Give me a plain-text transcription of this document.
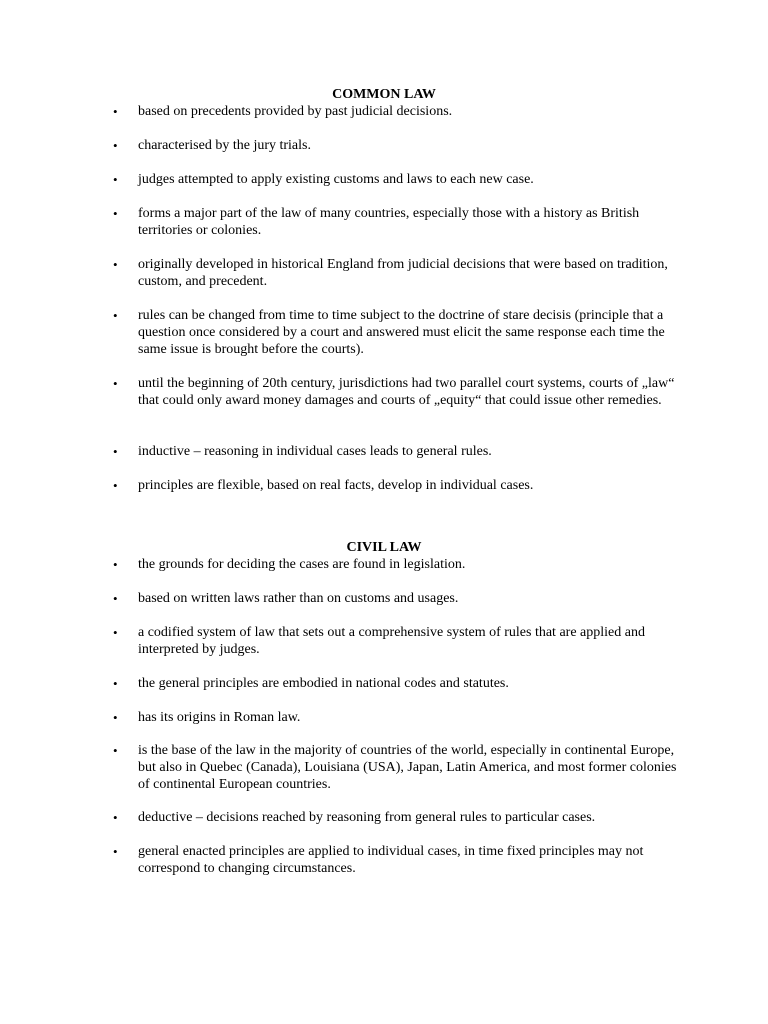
COMMON LAW
• based on precedents provided by past judicial decisions.

• characterised by the jury trials.

• judges attempted to apply existing customs and laws to each new case.

• forms a major part of the law of many countries, especially those with a history as British territories or colonies.

• originally developed in historical England from judicial decisions that were based on tradition, custom, and precedent.

• rules can be changed from time to time subject to the doctrine of stare decisis (principle that a question once considered by a court and answered must elicit the same response each time the same issue is brought before the courts).

• until the beginning of 20th century, jurisdictions had two parallel court systems, courts of „law“ that could only award money damages and courts of „equity“ that could issue other remedies.

• inductive – reasoning in individual cases leads to general rules.

• principles are flexible, based on real facts, develop in individual cases.

CIVIL LAW
• the grounds for deciding the cases are found in legislation.

• based on written laws rather than on customs and usages.

• a codified system of law that sets out a comprehensive system of rules that are applied and interpreted by judges.

• the general principles are embodied in national codes and statutes.

• has its origins in Roman law.

• is the base of the law in the majority of countries of the world, especially in continental Europe, but also in Quebec (Canada), Louisiana (USA), Japan, Latin America, and most former colonies of continental European countries.

• deductive – decisions reached by reasoning from general rules to particular cases.

• general enacted principles are applied to individual cases, in time fixed principles may not correspond to changing circumstances.
